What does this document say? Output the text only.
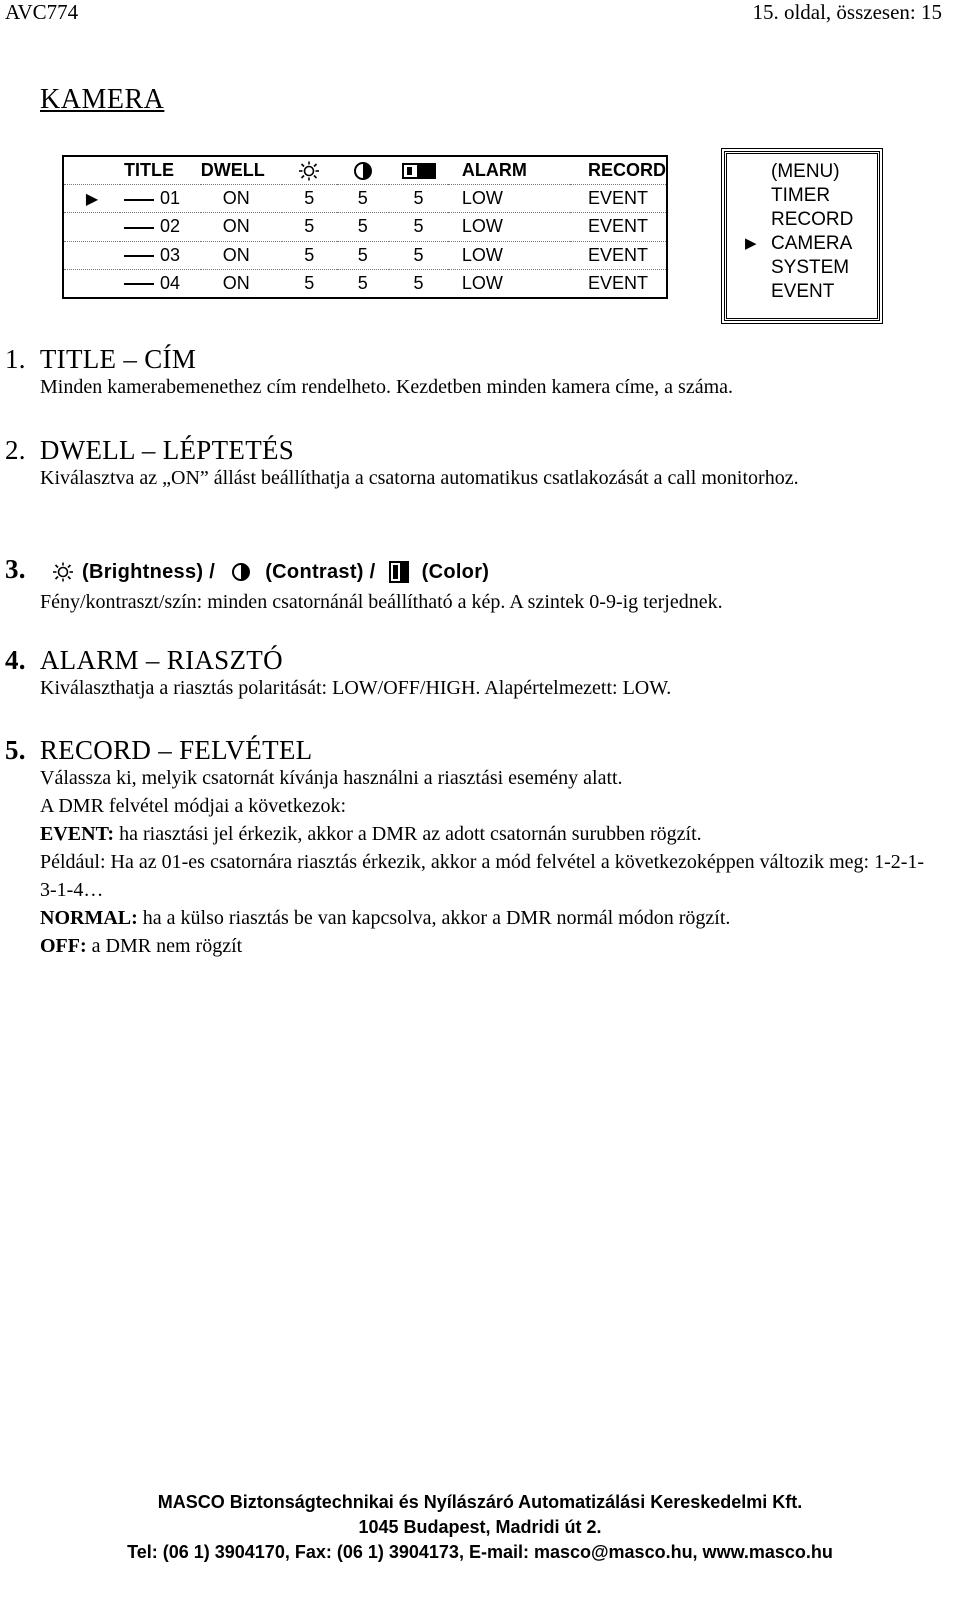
AVC774	15. oldal, összesen: 15
KAMERA
	TITLE	DWELL				ALARM	RECORD
▶	01	ON	5	5	5	LOW	EVENT
	02	ON	5	5	5	LOW	EVENT
	03	ON	5	5	5	LOW	EVENT
	04	ON	5	5	5	LOW	EVENT
(MENU)
TIMER
RECORD
▶ CAMERA
SYSTEM
EVENT
1. TITLE – CÍM
Minden kamerabemenethez cím rendelheto. Kezdetben minden kamera címe, a száma.
2. DWELL – LÉPTETÉS
Kiválasztva az „ON” állást beállíthatja a csatorna automatikus csatlakozását a call monitorhoz.
3.	(Brightness) /	(Contrast) / (Color)
Fény/kontraszt/szín: minden csatornánál beállítható a kép. A szintek 0-9-ig terjednek.
4. ALARM – RIASZTÓ
Kiválaszthatja a riasztás polaritását: LOW/OFF/HIGH. Alapértelmezett: LOW.
5. RECORD – FELVÉTEL
Válassza ki, melyik csatornát kívánja használni a riasztási esemény alatt.
A DMR felvétel módjai a következok:
EVENT: ha riasztási jel érkezik, akkor a DMR az adott csatornán surubben rögzít.
Például: Ha az 01-es csatornára riasztás érkezik, akkor a mód felvétel a következoképpen változik meg: 1-2-1-3-1-4…
NORMAL: ha a külso riasztás be van kapcsolva, akkor a DMR normál módon rögzít.
OFF: a DMR nem rögzít
MASCO Biztonságtechnikai és Nyílászáró Automatizálási Kereskedelmi Kft.
1045 Budapest, Madridi út 2.
Tel: (06 1) 3904170, Fax: (06 1) 3904173, E-mail: masco@masco.hu, www.masco.hu
